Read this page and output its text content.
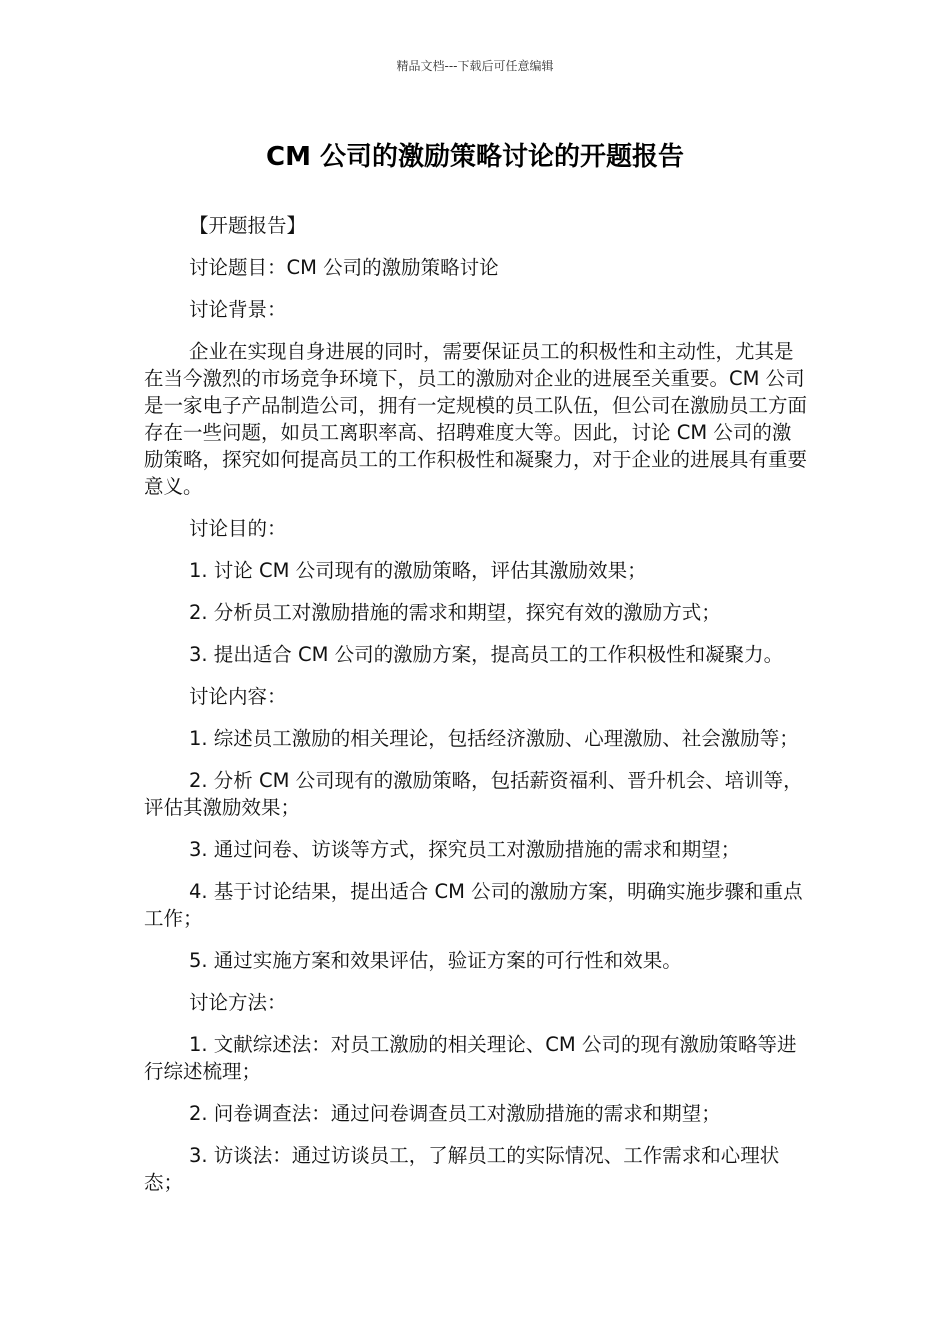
精品文档---下载后可任意编辑
CM 公司的激励策略讨论的开题报告

【开题报告】

讨论题目：CM 公司的激励策略讨论

讨论背景：

企业在实现自身进展的同时，需要保证员工的积极性和主动性，尤其是在当今激烈的市场竞争环境下，员工的激励对企业的进展至关重要。CM 公司是一家电子产品制造公司，拥有一定规模的员工队伍，但公司在激励员工方面存在一些问题，如员工离职率高、招聘难度大等。因此，讨论 CM 公司的激励策略，探究如何提高员工的工作积极性和凝聚力，对于企业的进展具有重要意义。

讨论目的：

1. 讨论 CM 公司现有的激励策略，评估其激励效果；

2. 分析员工对激励措施的需求和期望，探究有效的激励方式；

3. 提出适合 CM 公司的激励方案，提高员工的工作积极性和凝聚力。

讨论内容：

1. 综述员工激励的相关理论，包括经济激励、心理激励、社会激励等；

2. 分析 CM 公司现有的激励策略，包括薪资福利、晋升机会、培训等，评估其激励效果；

3. 通过问卷、访谈等方式，探究员工对激励措施的需求和期望；

4. 基于讨论结果，提出适合 CM 公司的激励方案，明确实施步骤和重点工作；

5. 通过实施方案和效果评估，验证方案的可行性和效果。

讨论方法：

1. 文献综述法：对员工激励的相关理论、CM 公司的现有激励策略等进行综述梳理；

2. 问卷调查法：通过问卷调查员工对激励措施的需求和期望；

3. 访谈法：通过访谈员工，了解员工的实际情况、工作需求和心理状态；
